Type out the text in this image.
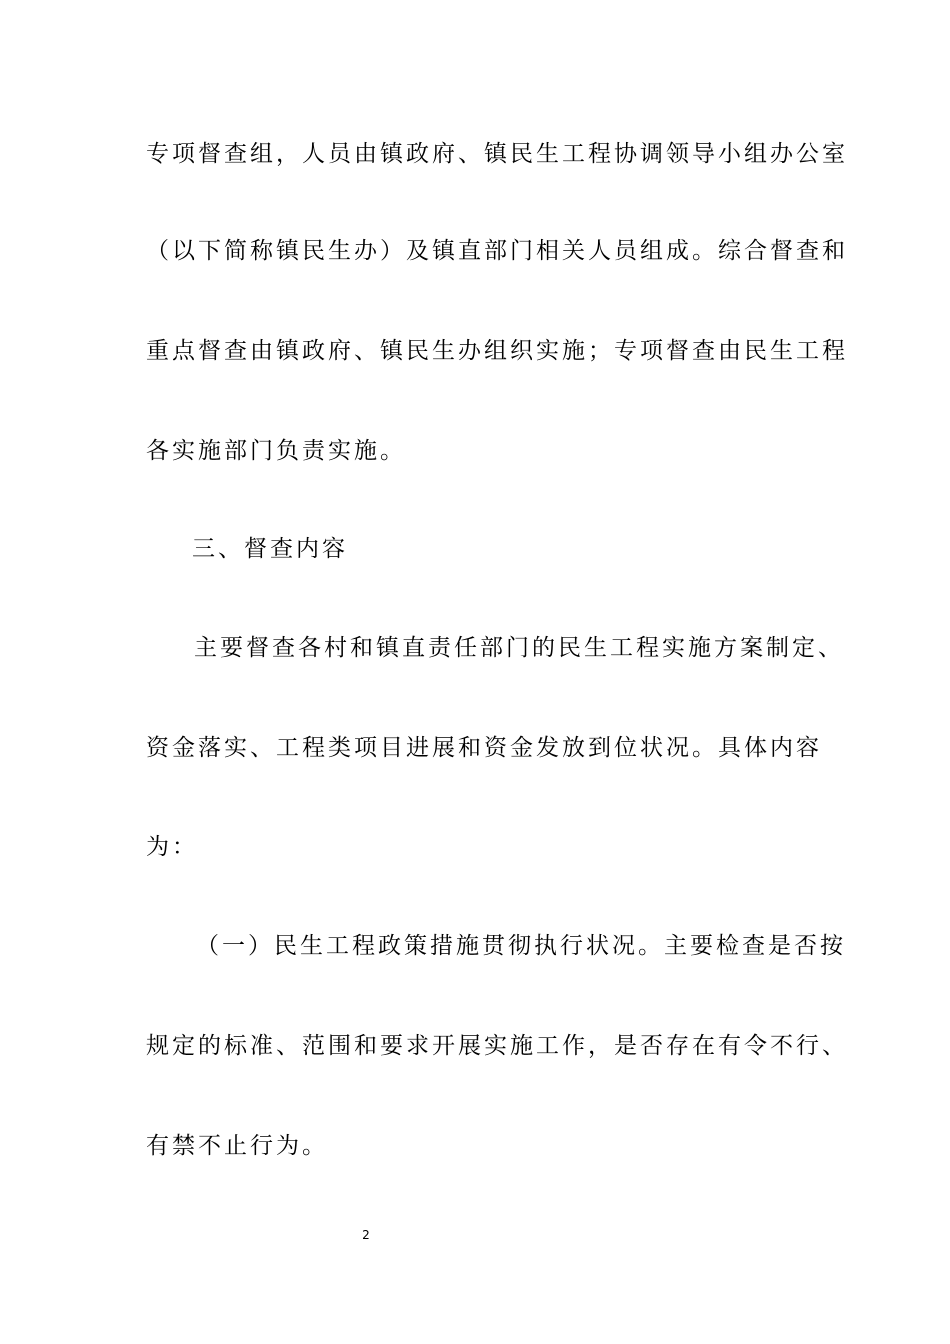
专项督查组，人员由镇政府、镇民生工程协调领导小组办公室
（以下简称镇民生办）及镇直部门相关人员组成。综合督查和
重点督查由镇政府、镇民生办组织实施；专项督查由民生工程
各实施部门负责实施。
三、督查内容
主要督查各村和镇直责任部门的民生工程实施方案制定、
资金落实、工程类项目进展和资金发放到位状况。具体内容
为：
（一）民生工程政策措施贯彻执行状况。主要检查是否按
规定的标准、范围和要求开展实施工作，是否存在有令不行、
有禁不止行为。
2
